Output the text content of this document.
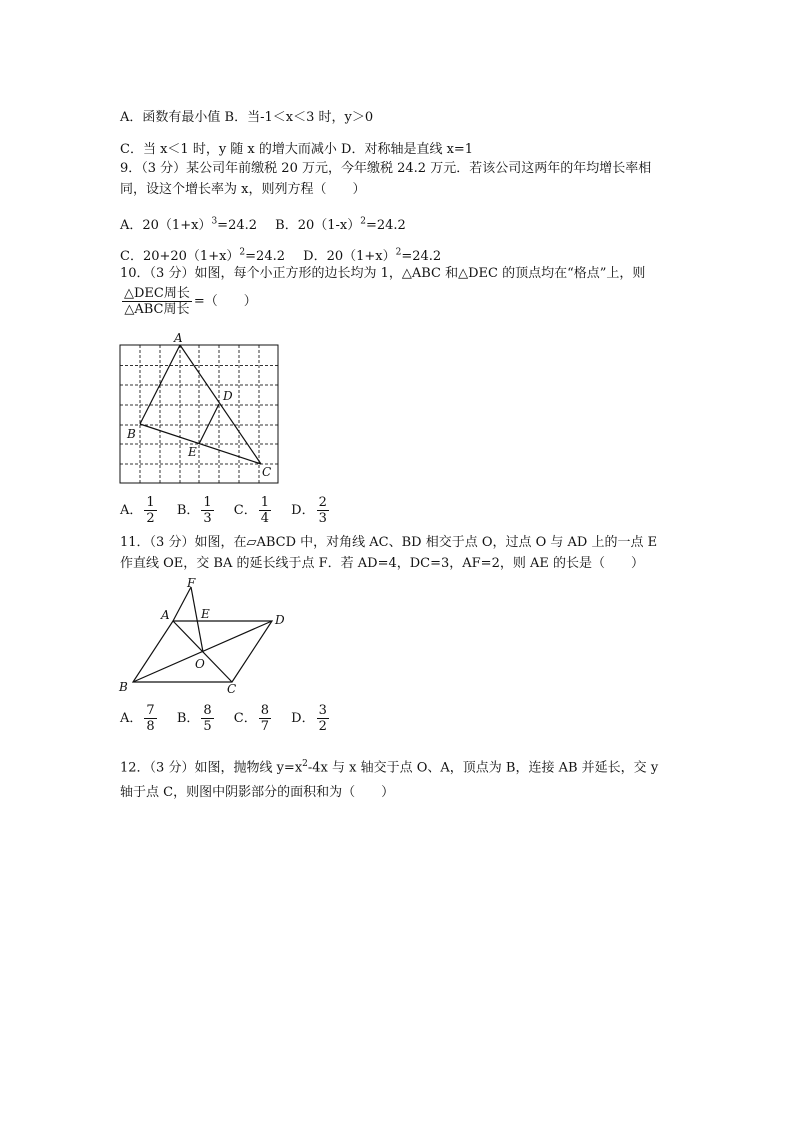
A．函数有最小值 B．当-1＜x＜3 时，y＞0
C．当 x＜1 时，y 随 x 的增大而减小 D．对称轴是直线 x=1
9．（3 分）某公司年前缴税 20 万元，今年缴税 24.2 万元．若该公司这两年的年均增长率相
同，设这个增长率为 x，则列方程（　　）
A．$20(1+x)^3=24.2$ B．$20(1-x)^2=24.2$
C．$20+20(1+x)^2=24.2$ D．$20(1+x)^2=24.2$
10．（3 分）如图，每个小正方形的边长均为 1，△ABC 和△DEC 的顶点均在“格点”上，则
$\frac{\text{△DEC周长}}{\text{△ABC周长}}$ =（　　）
A
B
C
D
E
A． $\frac{1}{2}$ B． $\frac{1}{3}$ C． $\frac{1}{4}$ D． $\frac{2}{3}$
11．（3 分）如图，在▱ABCD 中，对角线 AC、BD 相交于点 O，过点 O 与 AD 上的一点 E
作直线 OE，交 BA 的延长线于点 F．若 AD=4，DC=3，AF=2，则 AE 的长是（　　）
F
A	E	D
O
B	C
A． $\frac{7}{8}$ B． $\frac{8}{5}$ C． $\frac{8}{7}$ D． $\frac{3}{2}$
12．（3 分）如图，抛物线 $y=x^2-4x$ 与 x 轴交于点 O、A，顶点为 B，连接 AB 并延长，交 y
轴于点 C，则图中阴影部分的面积和为（　　）
